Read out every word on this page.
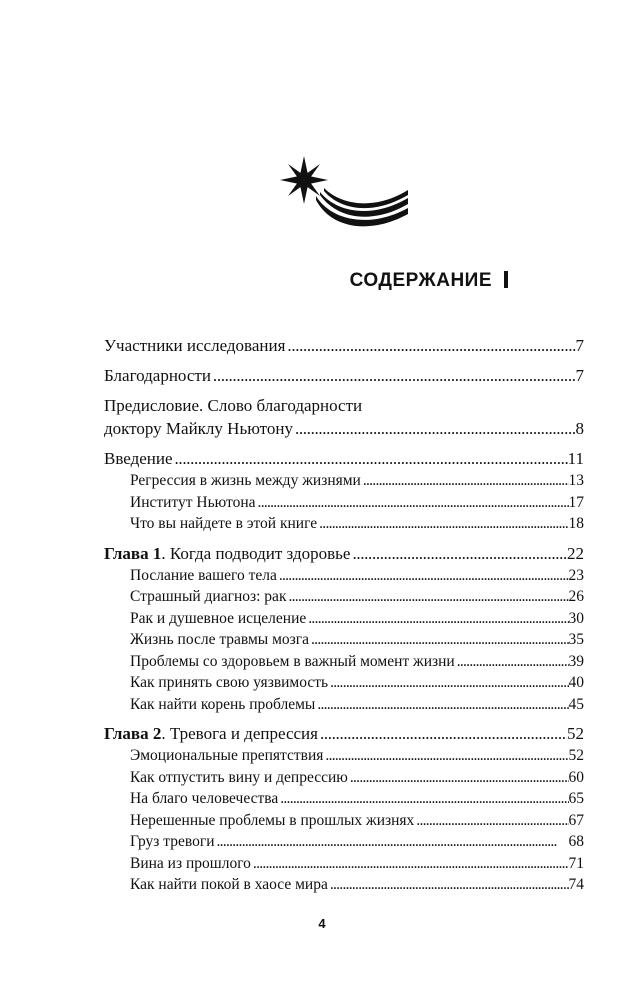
СОДЕРЖАНИЕ
Участники исследования . . .	7
Благодарности . . .	7
Предисловие. Слово благодарности
доктору Майклу Ньютону . . .	8
Введение . . .	11
Регрессия в жизнь между жизнями . . .	13
Институт Ньютона . . .	17
Что вы найдете в этой книге . . .	18
Глава 1. Когда подводит здоровье . . .	22
Послание вашего тела . . .	23
Страшный диагноз: рак . . .	26
Рак и душевное исцеление . . .	30
Жизнь после травмы мозга . . .	35
Проблемы со здоровьем в важный момент жизни . . .	39
Как принять свою уязвимость . . .	40
Как найти корень проблемы . . .	45
Глава 2. Тревога и депрессия . . .	52
Эмоциональные препятствия . . .	52
Как отпустить вину и депрессию . . .	60
На благо человечества . . .	65
Нерешенные проблемы в прошлых жизнях . . .	67
Груз тревоги . . .	68
Вина из прошлого . . .	71
Как найти покой в хаосе мира . . .	74
4
